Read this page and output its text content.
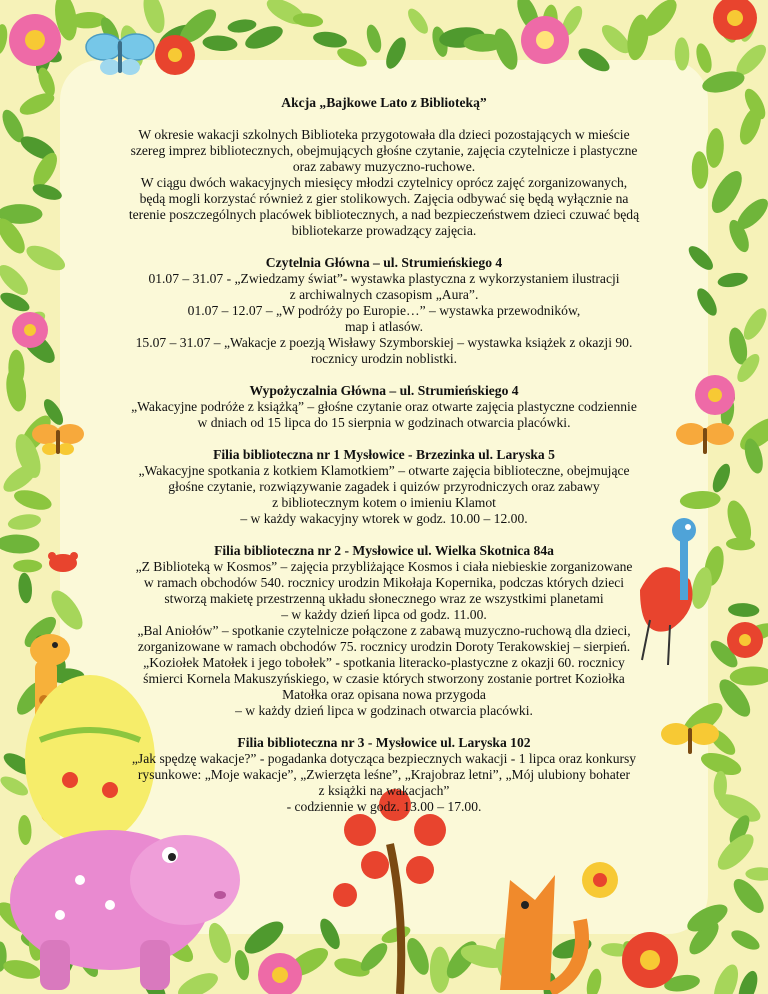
Akcja „Bajkowe Lato z Biblioteką”
W okresie wakacji szkolnych Biblioteka przygotowała dla dzieci pozostających w mieście
szereg imprez bibliotecznych, obejmujących głośne czytanie, zajęcia czytelnicze i plastyczne
oraz zabawy muzyczno-ruchowe.
W ciągu dwóch wakacyjnych miesięcy młodzi czytelnicy oprócz zajęć zorganizowanych,
będą mogli korzystać również z gier stolikowych. Zajęcia odbywać się będą wyłącznie na
terenie poszczególnych placówek bibliotecznych, a nad bezpieczeństwem dzieci czuwać będą
bibliotekarze prowadzący zajęcia.
Czytelnia Główna – ul. Strumieńskiego 4
01.07 – 31.07 - „Zwiedzamy świat”- wystawka plastyczna z wykorzystaniem ilustracji
z archiwalnych czasopism „Aura”.
01.07 – 12.07 – „W podróży po Europie…” – wystawka przewodników,
map i atlasów.
15.07 – 31.07 – „Wakacje z poezją Wisławy Szymborskiej – wystawka książek z okazji 90.
rocznicy urodzin noblistki.
Wypożyczalnia Główna – ul. Strumieńskiego 4
„Wakacyjne podróże z książką” – głośne czytanie oraz otwarte zajęcia plastyczne codziennie
w dniach od 15 lipca do 15 sierpnia w godzinach otwarcia placówki.
Filia biblioteczna nr 1 Mysłowice - Brzezinka ul. Laryska 5
„Wakacyjne spotkania z kotkiem Klamotkiem” – otwarte zajęcia biblioteczne, obejmujące
głośne czytanie, rozwiązywanie zagadek i quizów przyrodniczych oraz zabawy
z bibliotecznym kotem o imieniu Klamot
– w każdy wakacyjny wtorek w godz. 10.00 – 12.00.
Filia biblioteczna nr 2 - Mysłowice ul. Wielka Skotnica 84a
„Z Biblioteką w Kosmos” – zajęcia przybliżające Kosmos i ciała niebieskie zorganizowane
w ramach obchodów 540. rocznicy urodzin Mikołaja Kopernika, podczas których dzieci
stworzą makietę przestrzenną układu słonecznego wraz ze wszystkimi planetami
– w każdy dzień lipca od godz. 11.00.
„Bal Aniołów” – spotkanie czytelnicze połączone z zabawą muzyczno-ruchową dla dzieci,
zorganizowane w ramach obchodów 75. rocznicy urodzin Doroty Terakowskiej – sierpień.
„Koziołek Matołek i jego tobołek” - spotkania literacko-plastyczne z okazji 60. rocznicy
śmierci Kornela Makuszyńskiego, w czasie których stworzony zostanie portret Koziołka
Matołka oraz opisana nowa przygoda
– w każdy dzień lipca w godzinach otwarcia placówki.
Filia biblioteczna nr 3 - Mysłowice ul. Laryska 102
„Jak spędzę wakacje?” - pogadanka dotycząca bezpiecznych wakacji - 1 lipca oraz konkursy
rysunkowe: „Moje wakacje”, „Zwierzęta leśne”, „Krajobraz letni”, „Mój ulubiony bohater
z książki na wakacjach”
- codziennie w godz. 13.00 – 17.00.
